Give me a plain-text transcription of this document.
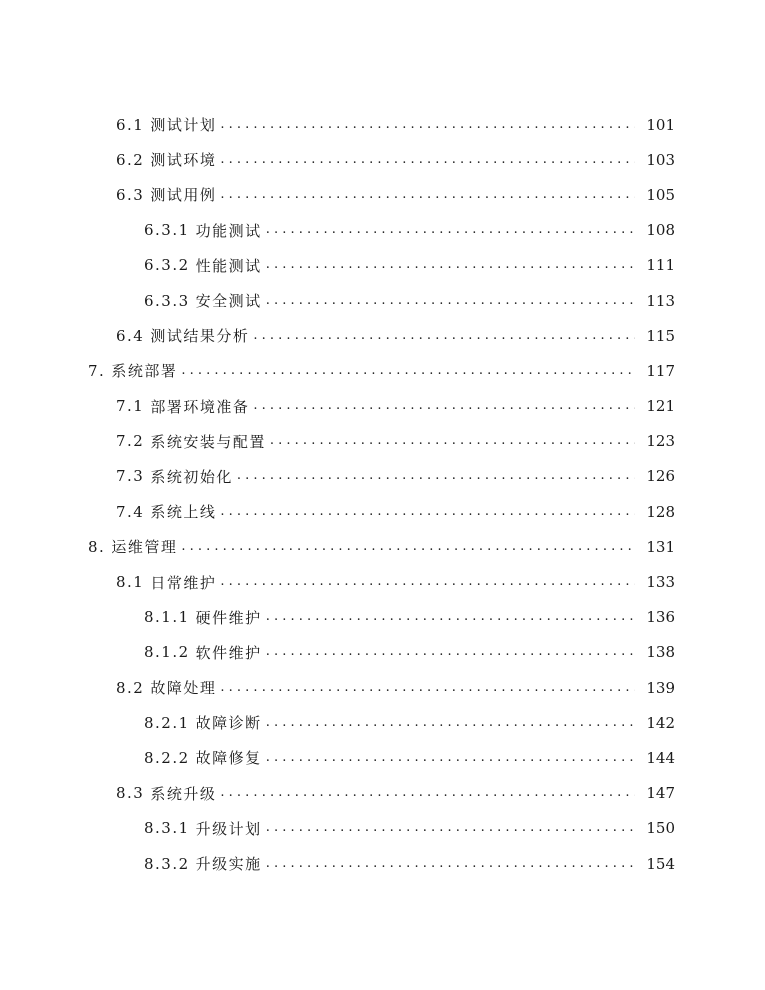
6.1 测试计划 . . .	101
6.2 测试环境 . . .	103
6.3 测试用例 . . .	105
6.3.1 功能测试 . . .	108
6.3.2 性能测试 . . .	111
6.3.3 安全测试 . . .	113
6.4 测试结果分析 . . .	115
7. 系统部署 . . .	117
7.1 部署环境准备 . . .	121
7.2 系统安装与配置 . . .	123
7.3 系统初始化 . . .	126
7.4 系统上线 . . .	128
8. 运维管理 . . .	131
8.1 日常维护 . . .	133
8.1.1 硬件维护 . . .	136
8.1.2 软件维护 . . .	138
8.2 故障处理 . . .	139
8.2.1 故障诊断 . . .	142
8.2.2 故障修复 . . .	144
8.3 系统升级 . . .	147
8.3.1 升级计划 . . .	150
8.3.2 升级实施 . . .	154
